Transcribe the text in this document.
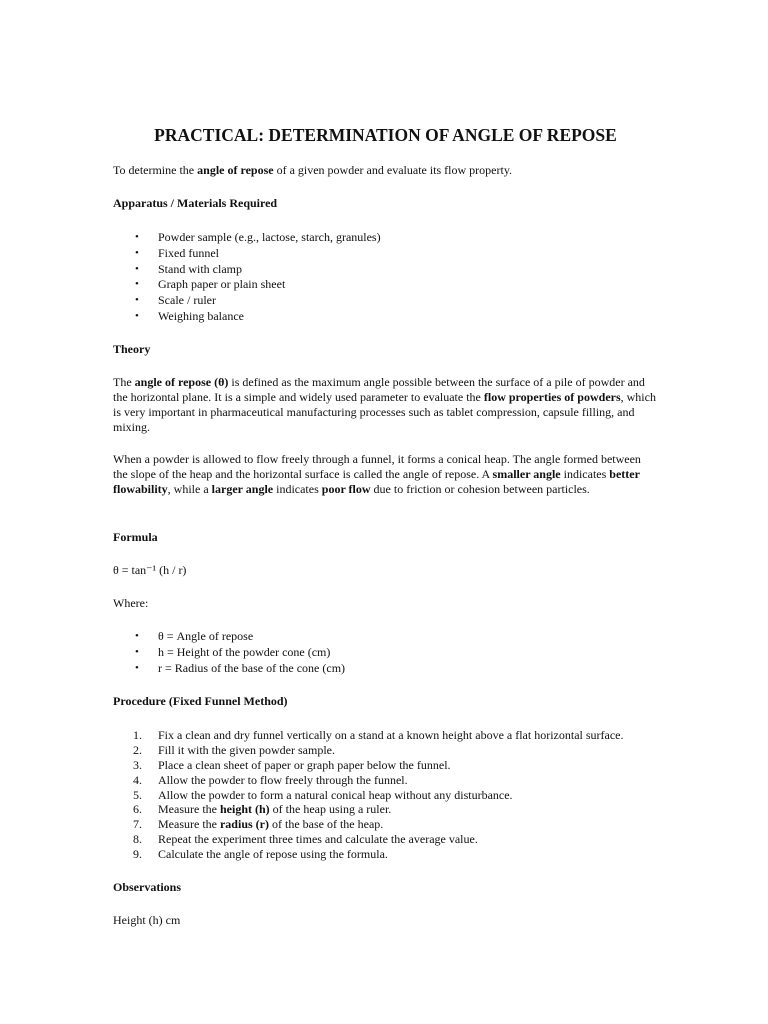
PRACTICAL: DETERMINATION OF ANGLE OF REPOSE

To determine the angle of repose of a given powder and evaluate its flow property.

Apparatus / Materials Required

• Powder sample (e.g., lactose, starch, granules)
• Fixed funnel
• Stand with clamp
• Graph paper or plain sheet
• Scale / ruler
• Weighing balance

Theory

The angle of repose (θ) is defined as the maximum angle possible between the surface of a pile of powder and the horizontal plane. It is a simple and widely used parameter to evaluate the flow properties of powders, which is very important in pharmaceutical manufacturing processes such as tablet compression, capsule filling, and mixing.

When a powder is allowed to flow freely through a funnel, it forms a conical heap. The angle formed between the slope of the heap and the horizontal surface is called the angle of repose. A smaller angle indicates better flowability, while a larger angle indicates poor flow due to friction or cohesion between particles.

Formula

θ = tan⁻¹ (h / r)

Where:

• θ = Angle of repose
• h = Height of the powder cone (cm)
• r = Radius of the base of the cone (cm)

Procedure (Fixed Funnel Method)

1. Fix a clean and dry funnel vertically on a stand at a known height above a flat horizontal surface.
2. Fill it with the given powder sample.
3. Place a clean sheet of paper or graph paper below the funnel.
4. Allow the powder to flow freely through the funnel.
5. Allow the powder to form a natural conical heap without any disturbance.
6. Measure the height (h) of the heap using a ruler.
7. Measure the radius (r) of the base of the heap.
8. Repeat the experiment three times and calculate the average value.
9. Calculate the angle of repose using the formula.

Observations

Height (h) cm
